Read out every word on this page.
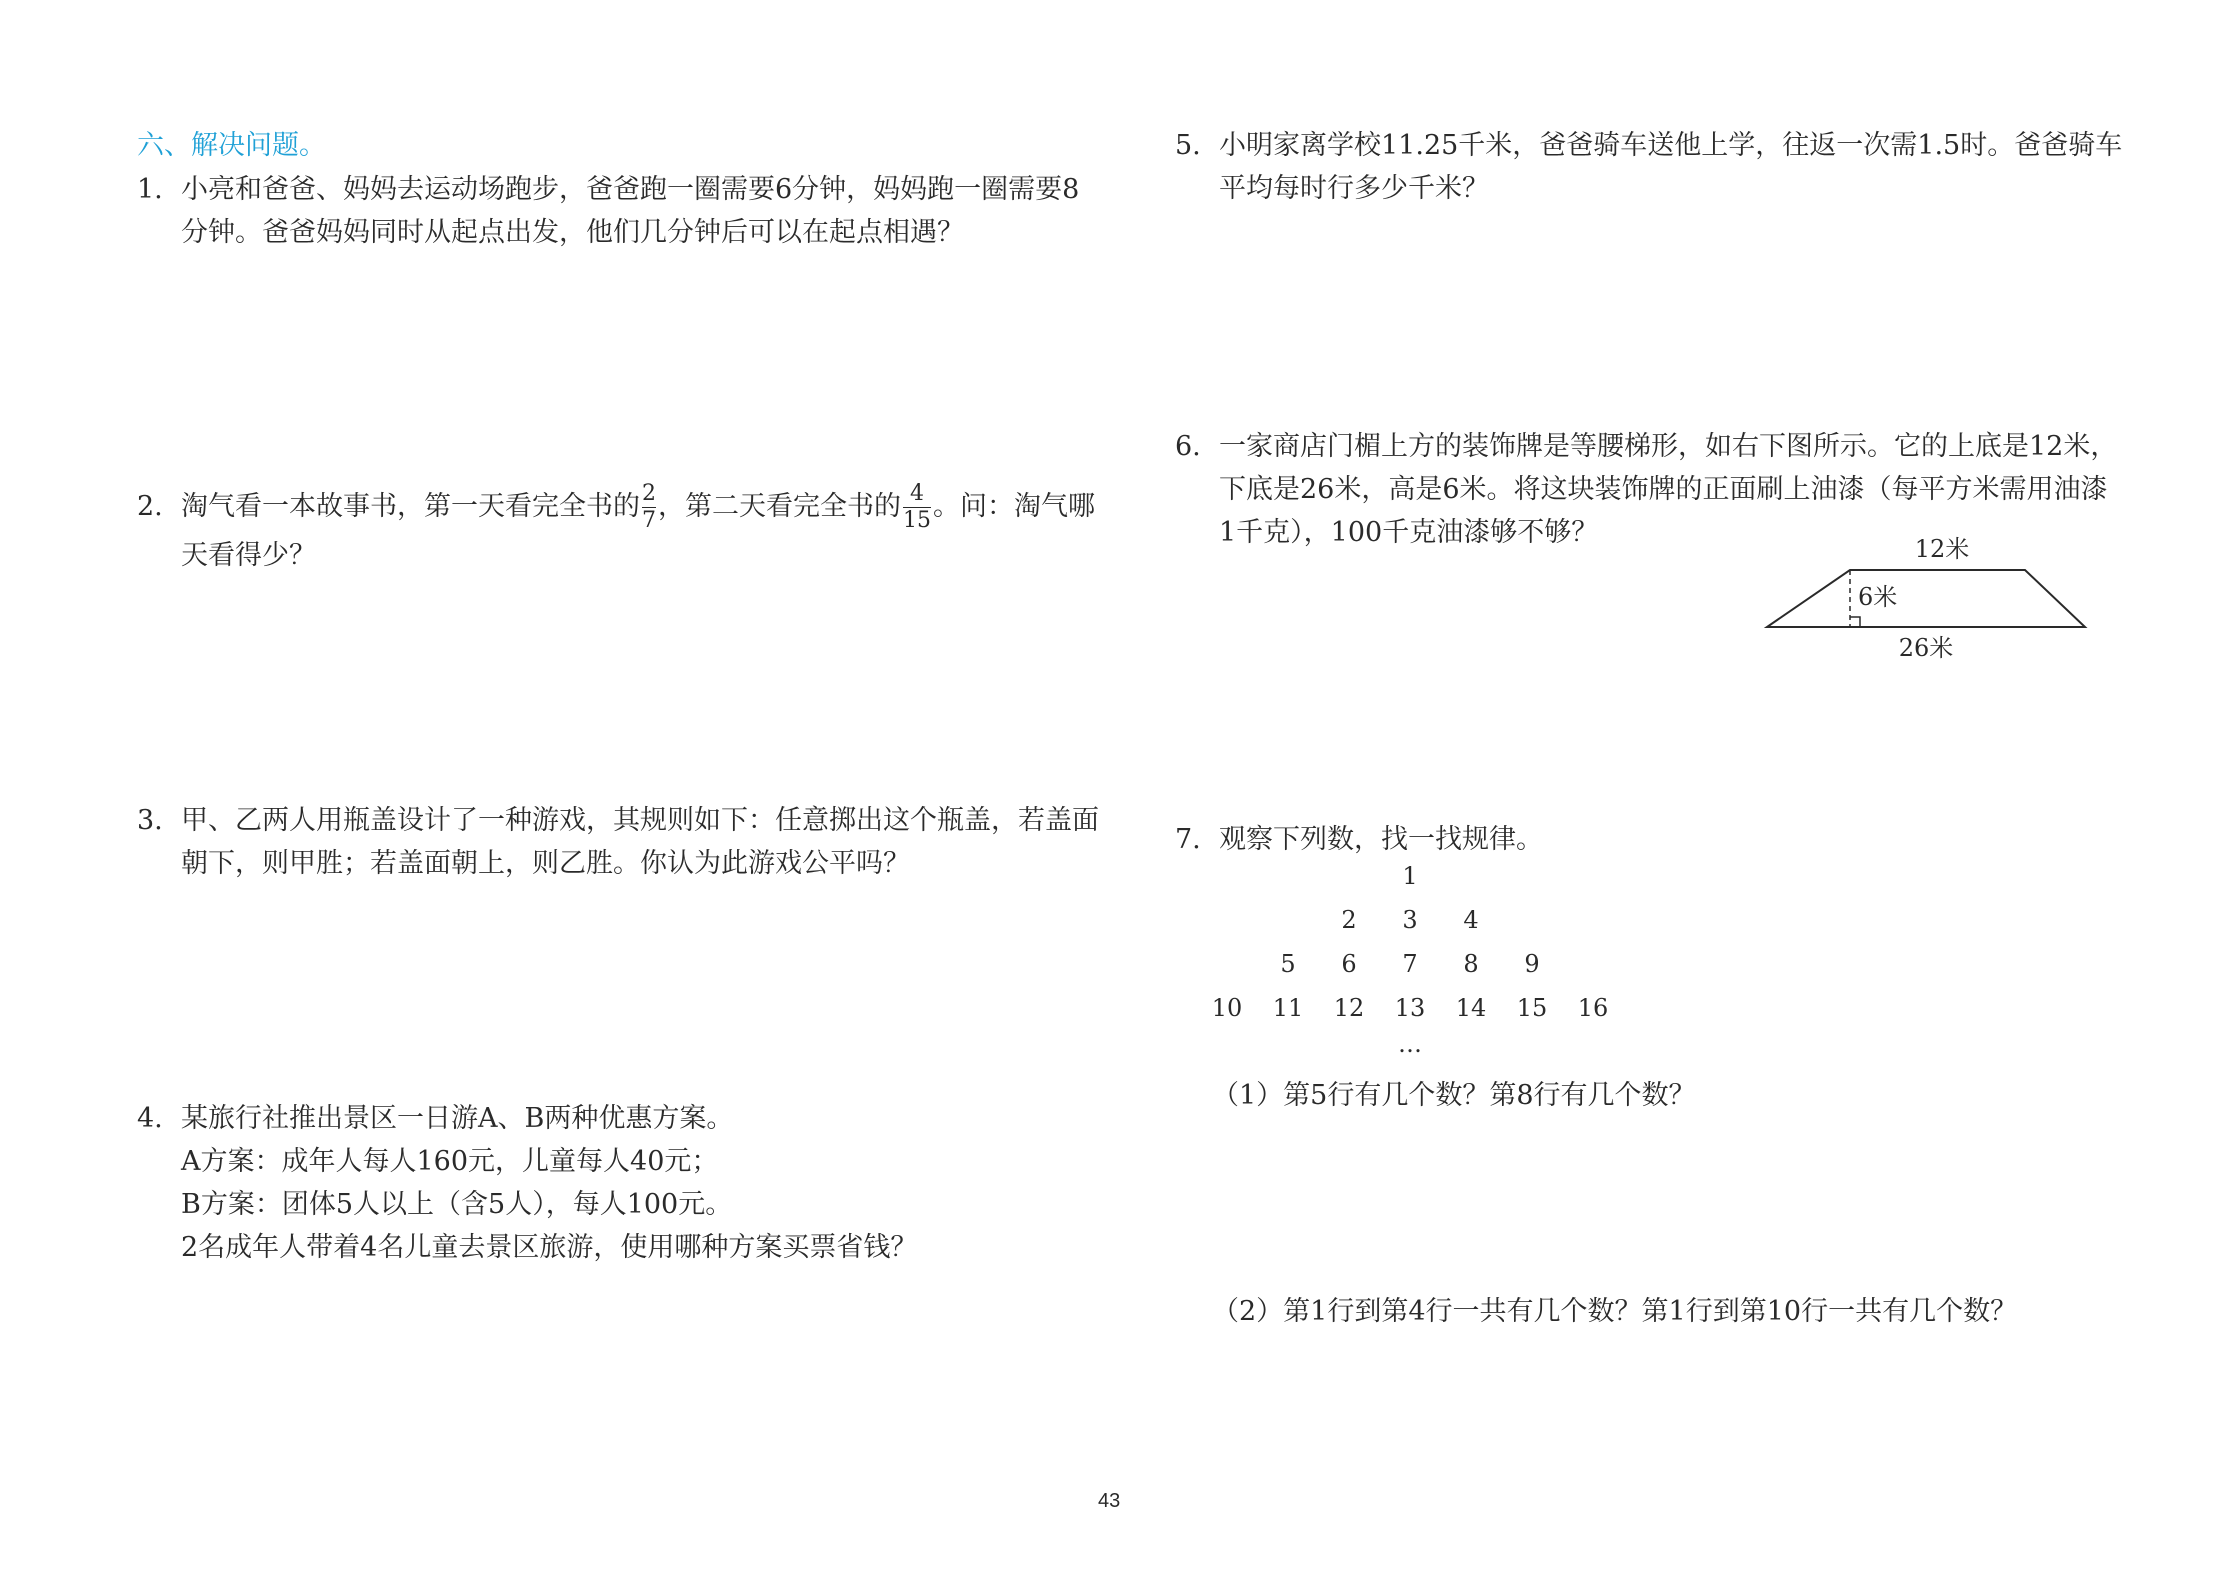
六、解决问题。
1. 小亮和爸爸、妈妈去运动场跑步，爸爸跑一圈需要6分钟，妈妈跑一圈需要8
分钟。爸爸妈妈同时从起点出发，他们几分钟后可以在起点相遇？
2. 淘气看一本故事书，第一天看完全书的 $\frac{2}{7}$ ，第二天看完全书的 $\frac{4}{15}$ 。问：淘气哪
天看得少？
3. 甲、乙两人用瓶盖设计了一种游戏，其规则如下：任意掷出这个瓶盖，若盖面
朝下，则甲胜；若盖面朝上，则乙胜。你认为此游戏公平吗？
4. 某旅行社推出景区一日游A、B两种优惠方案。
A方案：成年人每人160元，儿童每人40元；
B方案：团体5人以上（含5人），每人100元。
2名成年人带着4名儿童去景区旅游，使用哪种方案买票省钱？
5. 小明家离学校11.25千米，爸爸骑车送他上学，往返一次需1.5时。爸爸骑车
平均每时行多少千米？
6. 一家商店门楣上方的装饰牌是等腰梯形，如右下图所示。它的上底是12米，
下底是26米，高是6米。将这块装饰牌的正面刷上油漆（每平方米需用油漆
1千克），100千克油漆够不够？
12米
6米
26米
7. 观察下列数，找一找规律。
1
2	3	4
5	6	7	8	9
10	11	12	13	14	15	16
…
（1）第5行有几个数？第8行有几个数？
（2）第1行到第4行一共有几个数？第1行到第10行一共有几个数？
43
